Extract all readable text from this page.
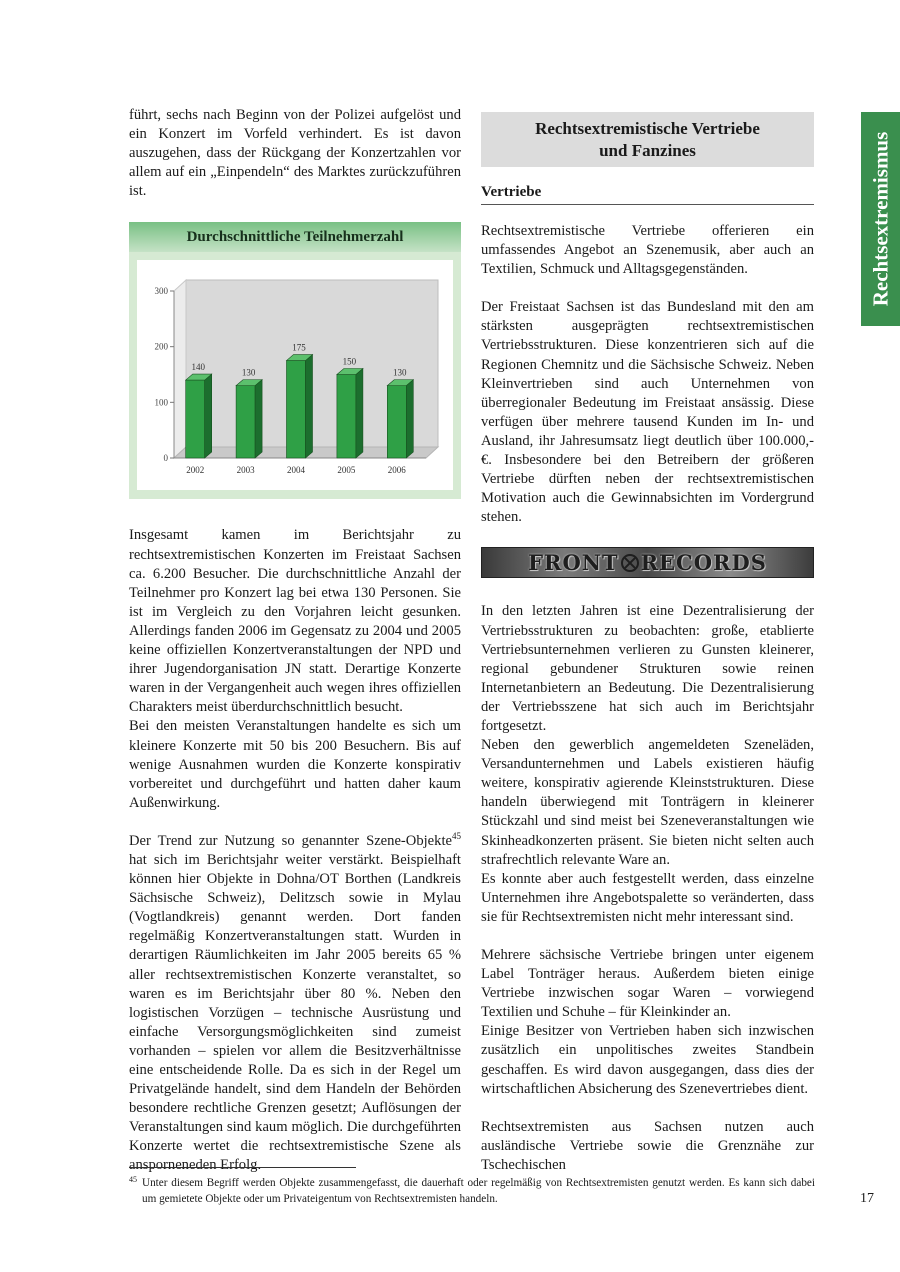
Rechtsextremismus

führt, sechs nach Beginn von der Polizei aufgelöst und ein Konzert im Vorfeld verhindert. Es ist davon auszugehen, dass der Rückgang der Konzertzahlen vor allem auf ein „Einpendeln“ des Marktes zurückzuführen ist.

Durchschnittliche Teilnehmerzahl
0
100
200
300
140
2002
130
2003
175
2004
150
2005
130
2006

Insgesamt kamen im Berichtsjahr zu rechtsextremistischen Konzerten im Freistaat Sachsen ca. 6.200 Besucher. Die durchschnittliche Anzahl der Teilnehmer pro Konzert lag bei etwa 130 Personen. Sie ist im Vergleich zu den Vorjahren leicht gesunken. Allerdings fanden 2006 im Gegensatz zu 2004 und 2005 keine offiziellen Konzertveranstaltungen der NPD und ihrer Jugendorganisation JN statt. Derartige Konzerte waren in der Vergangenheit auch wegen ihres offiziellen Charakters meist überdurchschnittlich besucht.

Bei den meisten Veranstaltungen handelte es sich um kleinere Konzerte mit 50 bis 200 Besuchern. Bis auf wenige Ausnahmen wurden die Konzerte konspirativ vorbereitet und durchgeführt und hatten daher kaum Außenwirkung.

Der Trend zur Nutzung so genannter Szene-Objekte$^{45}$ hat sich im Berichtsjahr weiter verstärkt. Beispielhaft können hier Objekte in Dohna/OT Borthen (Landkreis Sächsische Schweiz), Delitzsch sowie in Mylau (Vogtlandkreis) genannt werden. Dort fanden regelmäßig Konzertveranstaltungen statt. Wurden in derartigen Räumlichkeiten im Jahr 2005 bereits 65 % aller rechtsextremistischen Konzerte veranstaltet, so waren es im Berichtsjahr über 80 %. Neben den logistischen Vorzügen – technische Ausrüstung und einfache Versorgungsmöglichkeiten sind zumeist vorhanden – spielen vor allem die Besitzverhältnisse eine entscheidende Rolle. Da es sich in der Regel um Privatgelände handelt, sind dem Handeln der Behörden besondere rechtliche Grenzen gesetzt; Auflösungen der Veranstaltungen sind kaum möglich. Die durchgeführten Konzerte wertet die rechtsextremistische Szene als ansporneneden Erfolg.

Rechtsextremistische Vertriebe
und Fanzines
Vertriebe

Rechtsextremistische Vertriebe offerieren ein umfassendes Angebot an Szenemusik, aber auch an Textilien, Schmuck und Alltagsgegenständen.

Der Freistaat Sachsen ist das Bundesland mit den am stärksten ausgeprägten rechtsextremistischen Vertriebsstrukturen. Diese konzentrieren sich auf die Regionen Chemnitz und die Sächsische Schweiz. Neben Kleinvertrieben sind auch Unternehmen von überregionaler Bedeutung im Freistaat ansässig. Diese verfügen über mehrere tausend Kunden im In- und Ausland, ihr Jahresumsatz liegt deutlich über 100.000,- €. Insbesondere bei den Betreibern der größeren Vertriebe dürften neben der rechtsextremistischen Motivation auch die Gewinnabsichten im Vordergrund stehen.

FRONT RECORDS

In den letzten Jahren ist eine Dezentralisierung der Vertriebsstrukturen zu beobachten: große, etablierte Vertriebsunternehmen verlieren zu Gunsten kleinerer, regional gebundener Strukturen sowie reinen Internetanbietern an Bedeutung. Die Dezentralisierung der Vertriebsszene hat sich auch im Berichtsjahr fortgesetzt.

Neben den gewerblich angemeldeten Szeneläden, Versandunternehmen und Labels existieren häufig weitere, konspirativ agierende Kleinststrukturen. Diese handeln überwiegend mit Tonträgern in kleinerer Stückzahl und sind meist bei Szeneveranstaltungen wie Skinheadkonzerten präsent. Sie bieten nicht selten auch strafrechtlich relevante Ware an.

Es konnte aber auch festgestellt werden, dass einzelne Unternehmen ihre Angebotspalette so veränderten, dass sie für Rechtsextremisten nicht mehr interessant sind.

Mehrere sächsische Vertriebe bringen unter eigenem Label Tonträger heraus. Außerdem bieten einige Vertriebe inzwischen sogar Waren – vorwiegend Textilien und Schuhe – für Kleinkinder an.

Einige Besitzer von Vertrieben haben sich inzwischen zusätzlich ein unpolitisches zweites Standbein geschaffen. Es wird davon ausgegangen, dass dies der wirtschaftlichen Absicherung des Szenevertriebes dient.

Rechtsextremisten aus Sachsen nutzen auch ausländische Vertriebe sowie die Grenznähe zur Tschechischen

45 Unter diesem Begriff werden Objekte zusammengefasst, die dauerhaft oder regelmäßig von Rechtsextremisten genutzt werden. Es kann sich dabei um gemietete Objekte oder um Privateigentum von Rechtsextremisten handeln.	17
